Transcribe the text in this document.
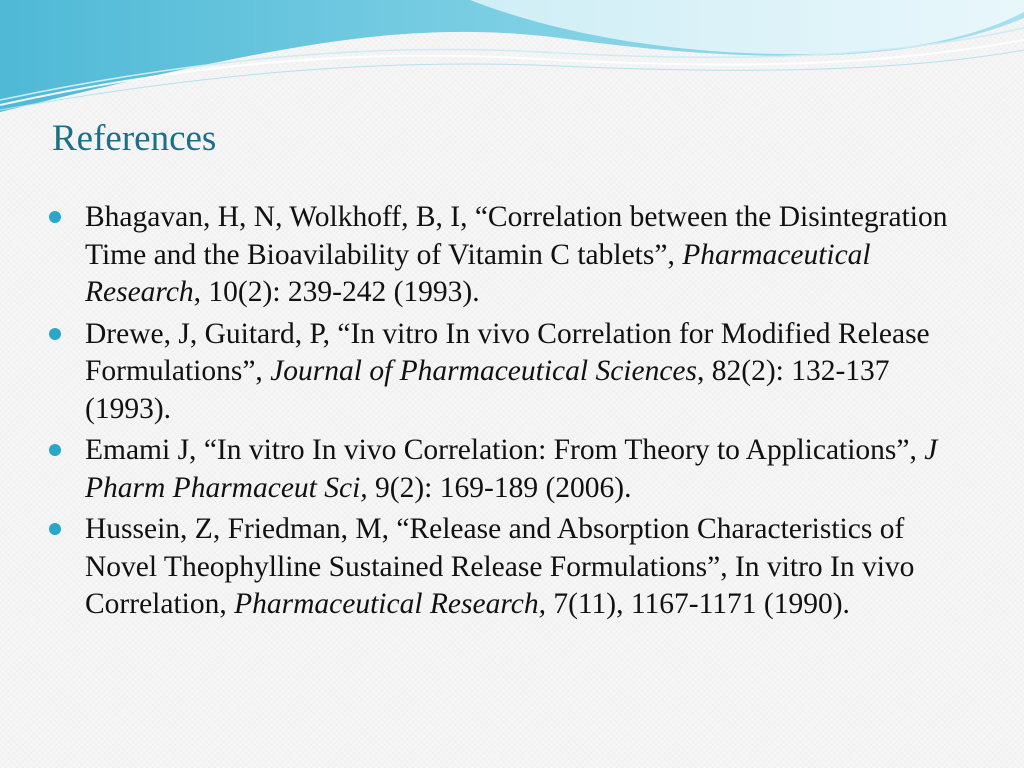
References
Bhagavan, H, N, Wolkhoff, B, I, “Correlation between the Disintegration Time and the Bioavilability of Vitamin C tablets”, Pharmaceutical Research, 10(2): 239-242 (1993).
Drewe, J, Guitard, P, “In vitro In vivo Correlation for Modified Release Formulations”, Journal of Pharmaceutical Sciences, 82(2): 132-137 (1993).
Emami J, “In vitro In vivo Correlation: From Theory to Applications”, J Pharm Pharmaceut Sci, 9(2): 169-189 (2006).
Hussein, Z, Friedman, M, “Release and Absorption Characteristics of Novel Theophylline Sustained Release Formulations”, In vitro In vivo Correlation, Pharmaceutical Research, 7(11), 1167-1171 (1990).
